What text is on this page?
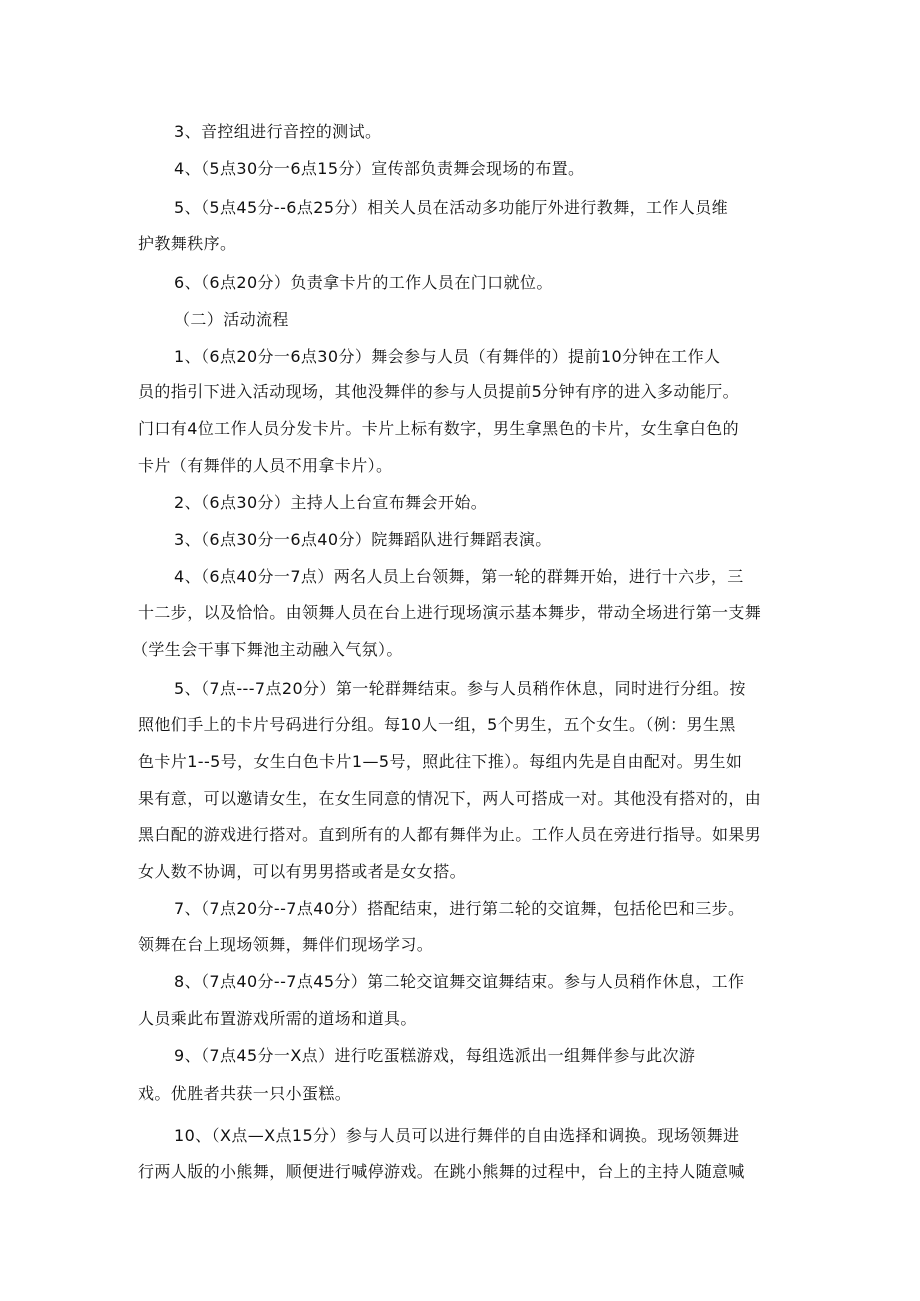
3、音控组进行音控的测试。
4、（5点30分一6点15分）宣传部负责舞会现场的布置。
5、（5点45分--6点25分）相关人员在活动多功能厅外进行教舞，工作人员维
护教舞秩序。
6、（6点20分）负责拿卡片的工作人员在门口就位。
（二）活动流程
1、（6点20分一6点30分）舞会参与人员（有舞伴的）提前10分钟在工作人
员的指引下进入活动现场，其他没舞伴的参与人员提前5分钟有序的进入多动能厅。
门口有4位工作人员分发卡片。卡片上标有数字，男生拿黑色的卡片，女生拿白色的
卡片（有舞伴的人员不用拿卡片）。
2、（6点30分）主持人上台宣布舞会开始。
3、（6点30分一6点40分）院舞蹈队进行舞蹈表演。
4、（6点40分一7点）两名人员上台领舞，第一轮的群舞开始，进行十六步，三
十二步，以及恰恰。由领舞人员在台上进行现场演示基本舞步，带动全场进行第一支舞
（学生会干事下舞池主动融入气氛）。
5、（7点---7点20分）第一轮群舞结束。参与人员稍作休息，同时进行分组。按
照他们手上的卡片号码进行分组。每10人一组，5个男生，五个女生。（例：男生黑
色卡片1--5号，女生白色卡片1—5号，照此往下推）。每组内先是自由配对。男生如
果有意，可以邀请女生，在女生同意的情况下，两人可搭成一对。其他没有搭对的，由
黑白配的游戏进行搭对。直到所有的人都有舞伴为止。工作人员在旁进行指导。如果男
女人数不协调，可以有男男搭或者是女女搭。
7、（7点20分--7点40分）搭配结束，进行第二轮的交谊舞，包括伦巴和三步。
领舞在台上现场领舞，舞伴们现场学习。
8、（7点40分--7点45分）第二轮交谊舞交谊舞结束。参与人员稍作休息，工作
人员乘此布置游戏所需的道场和道具。
9、（7点45分一X点）进行吃蛋糕游戏，每组选派出一组舞伴参与此次游
戏。优胜者共获一只小蛋糕。
10、（X点—X点15分）参与人员可以进行舞伴的自由选择和调换。现场领舞进
行两人版的小熊舞，顺便进行喊停游戏。在跳小熊舞的过程中，台上的主持人随意喊
